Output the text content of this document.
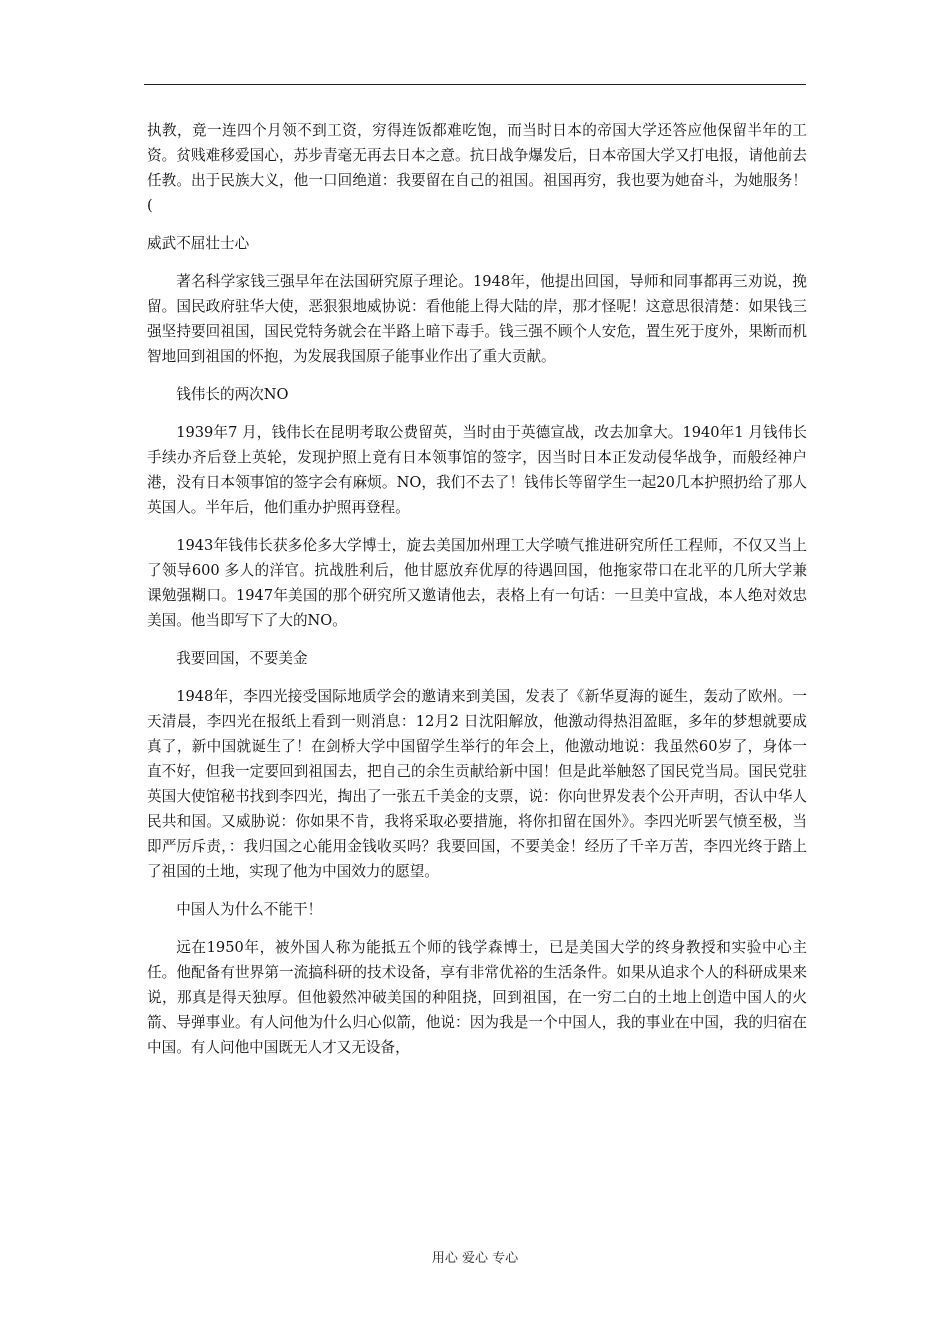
执教，竟一连四个月领不到工资，穷得连饭都难吃饱，而当时日本的帝国大学还答应他保留半年的工资。贫贱难移爱国心，苏步青毫无再去日本之意。抗日战争爆发后，日本帝国大学又打电报，请他前去任教。出于民族大义，他一口回绝道：我要留在自己的祖国。祖国再穷，我也要为她奋斗，为她服务！(

威武不屈壮士心

著名科学家钱三强早年在法国研究原子理论。1948年，他提出回国，导师和同事都再三劝说，挽留。国民政府驻华大使，恶狠狠地威协说：看他能上得大陆的岸，那才怪呢！这意思很清楚：如果钱三强坚持要回祖国，国民党特务就会在半路上暗下毒手。钱三强不顾个人安危，置生死于度外，果断而机智地回到祖国的怀抱，为发展我国原子能事业作出了重大贡献。

钱伟长的两次NO

1939年7 月，钱伟长在昆明考取公费留英，当时由于英德宣战，改去加拿大。1940年1 月钱伟长手续办齐后登上英轮，发现护照上竟有日本领事馆的签字，因当时日本正发动侵华战争，而般经神户港，没有日本领事馆的签字会有麻烦。NO，我们不去了！钱伟长等留学生一起20几本护照扔给了那人英国人。半年后，他们重办护照再登程。

1943年钱伟长获多伦多大学博士，旋去美国加州理工大学喷气推进研究所任工程师，不仅又当上了领导600 多人的洋官。抗战胜利后，他甘愿放弃优厚的待遇回国，他拖家带口在北平的几所大学兼课勉强糊口。1947年美国的那个研究所又邀请他去，表格上有一句话：一旦美中宣战，本人绝对效忠美国。他当即写下了大的NO。

我要回国，不要美金

1948年，李四光接受国际地质学会的邀请来到美国，发表了《新华夏海的诞生，轰动了欧州。一天清晨，李四光在报纸上看到一则消息：12月2 日沈阳解放，他激动得热泪盈眶，多年的梦想就要成真了，新中国就诞生了！在剑桥大学中国留学生举行的年会上，他激动地说：我虽然60岁了，身体一直不好，但我一定要回到祖国去，把自己的余生贡献给新中国！但是此举触怒了国民党当局。国民党驻英国大使馆秘书找到李四光，掏出了一张五千美金的支票，说：你向世界发表个公开声明，否认中华人民共和国。又威胁说：你如果不肯，我将采取必要措施，将你扣留在国外》。李四光听罢气愤至极，当即严厉斥责，：我归国之心能用金钱收买吗？我要回国，不要美金！经历了千辛万苦，李四光终于踏上了祖国的土地，实现了他为中国效力的愿望。

中国人为什么不能干！

远在1950年，被外国人称为能抵五个师的钱学森博士，已是美国大学的终身教授和实验中心主任。他配备有世界第一流搞科研的技术设备，享有非常优裕的生活条件。如果从追求个人的科研成果来说，那真是得天独厚。但他毅然冲破美国的种阻挠，回到祖国，在一穷二白的土地上创造中国人的火箭、导弹事业。有人问他为什么归心似箭，他说：因为我是一个中国人，我的事业在中国，我的归宿在中国。有人问他中国既无人才又无设备，

用心 爱心 专心
